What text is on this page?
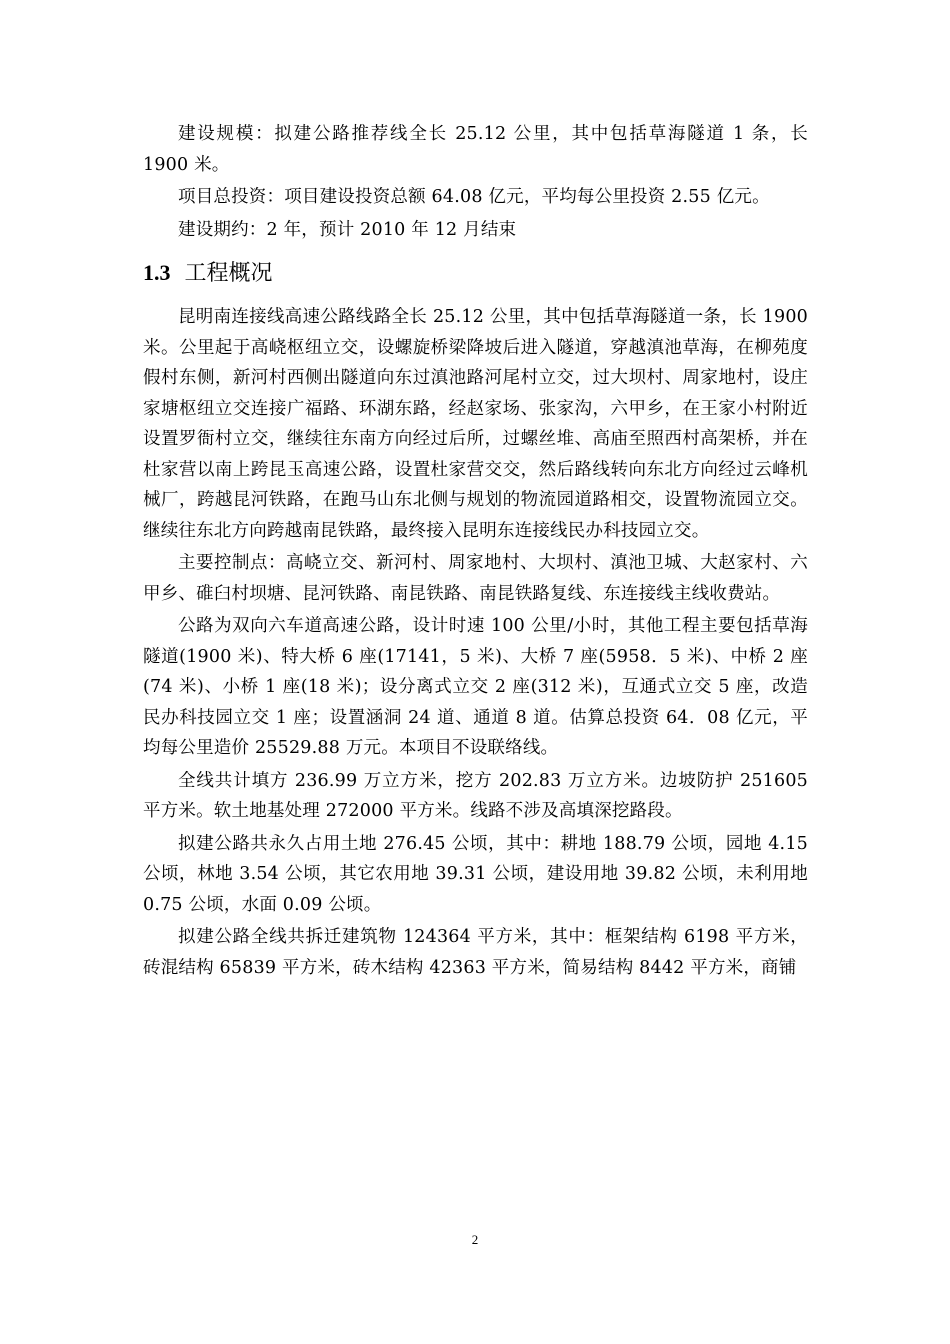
建设规模：拟建公路推荐线全长 25.12 公里，其中包括草海隧道 1 条，长 1900 米。

项目总投资：项目建设投资总额 64.08 亿元，平均每公里投资 2.55 亿元。

建设期约：2 年，预计 2010 年 12 月结束

1.3 工程概况

昆明南连接线高速公路线路全长 25.12 公里，其中包括草海隧道一条，长 1900 米。公里起于高峣枢纽立交，设螺旋桥梁降坡后进入隧道，穿越滇池草海，在柳苑度假村东侧，新河村西侧出隧道向东过滇池路河尾村立交，过大坝村、周家地村，设庄家塘枢纽立交连接广福路、环湖东路，经赵家场、张家沟，六甲乡，在王家小村附近设置罗衙村立交，继续往东南方向经过后所，过螺丝堆、高庙至照西村高架桥，并在杜家营以南上跨昆玉高速公路，设置杜家营交交，然后路线转向东北方向经过云峰机械厂，跨越昆河铁路，在跑马山东北侧与规划的物流园道路相交，设置物流园立交。继续往东北方向跨越南昆铁路，最终接入昆明东连接线民办科技园立交。

主要控制点：高峣立交、新河村、周家地村、大坝村、滇池卫城、大赵家村、六甲乡、碓臼村坝塘、昆河铁路、南昆铁路、南昆铁路复线、东连接线主线收费站。

公路为双向六车道高速公路，设计时速 100 公里/小时，其他工程主要包括草海隧道(1900 米)、特大桥 6 座(17141，5 米)、大桥 7 座(5958．5 米)、中桥 2 座(74 米)、小桥 1 座(18 米)；设分离式立交 2 座(312 米)，互通式立交 5 座，改造民办科技园立交 1 座；设置涵洞 24 道、通道 8 道。估算总投资 64．08 亿元，平均每公里造价 25529.88 万元。本项目不设联络线。

全线共计填方 236.99 万立方米，挖方 202.83 万立方米。边坡防护 251605 平方米。软土地基处理 272000 平方米。线路不涉及高填深挖路段。

拟建公路共永久占用土地 276.45 公顷，其中：耕地 188.79 公顷，园地 4.15 公顷，林地 3.54 公顷，其它农用地 39.31 公顷，建设用地 39.82 公顷，未利用地 0.75 公顷，水面 0.09 公顷。

拟建公路全线共拆迁建筑物 124364 平方米，其中：框架结构 6198 平方米，砖混结构 65839 平方米，砖木结构 42363 平方米，简易结构 8442 平方米，商铺

2
